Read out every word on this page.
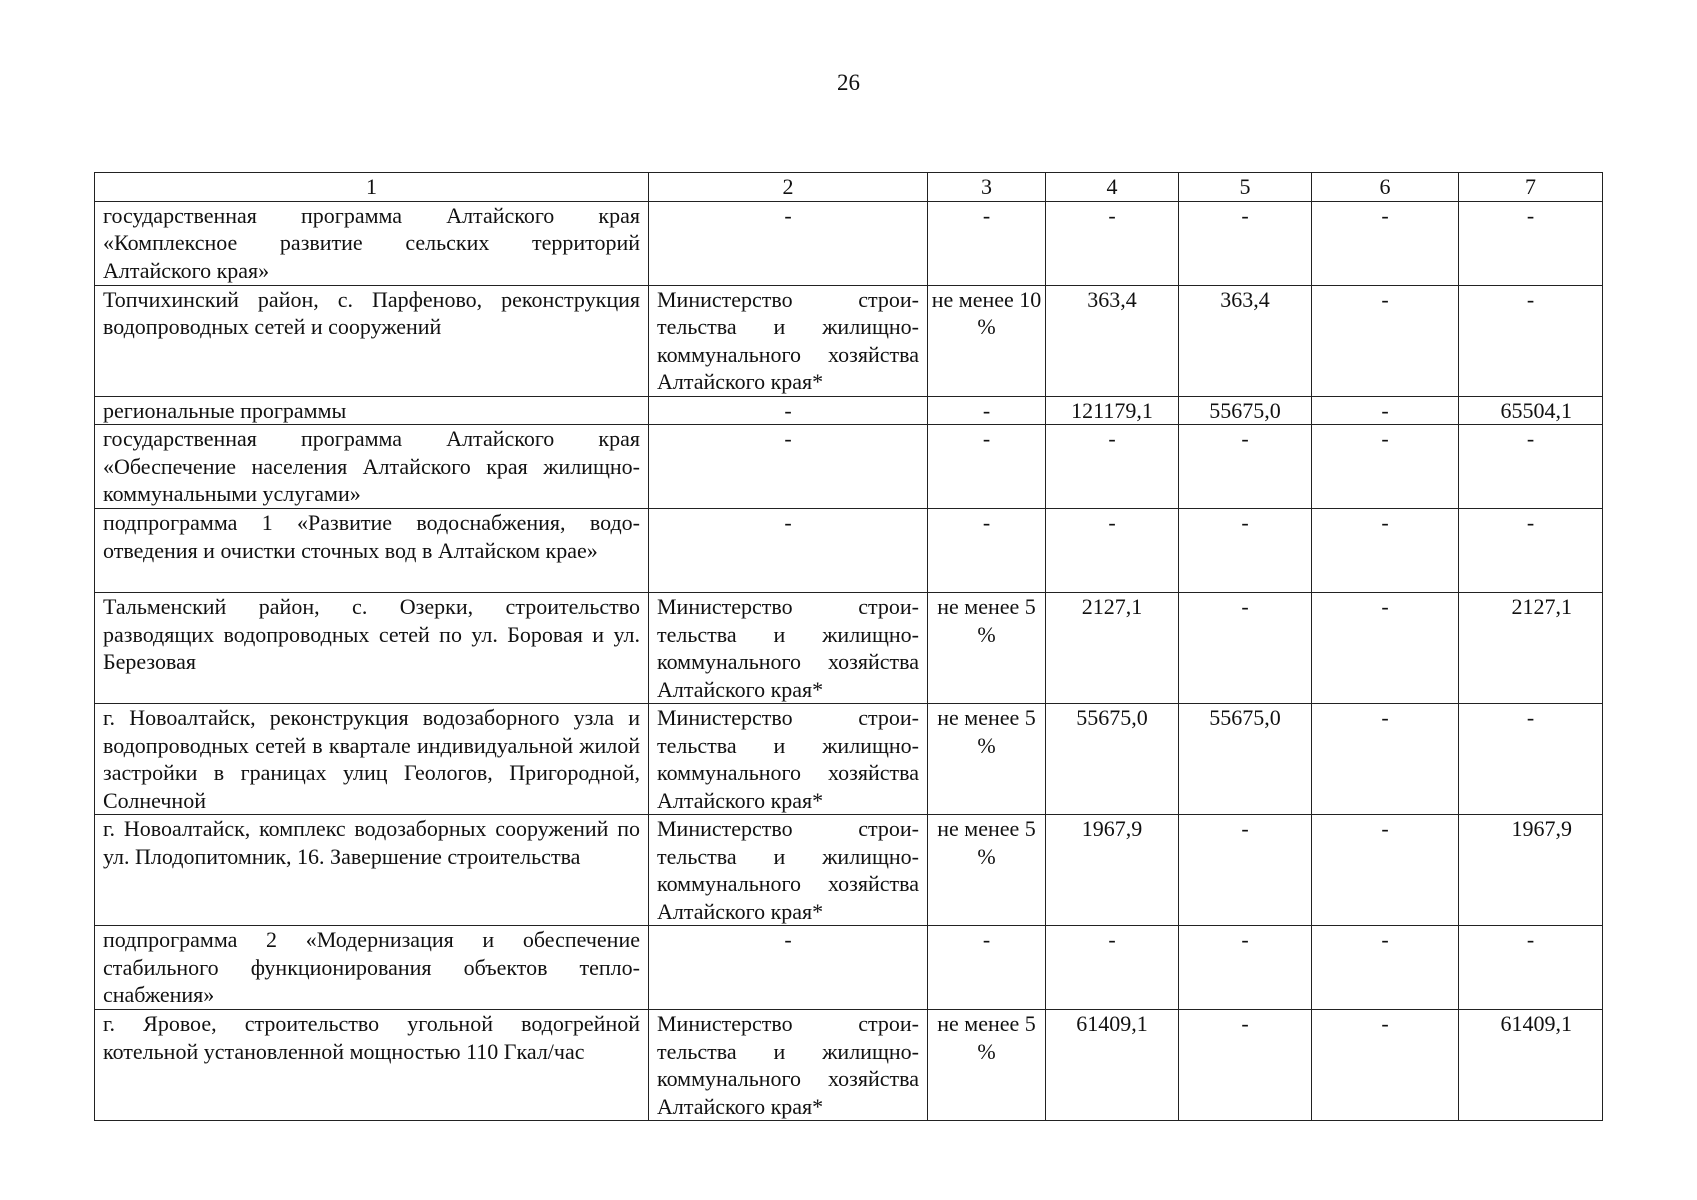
26
1	2	3	4	5	6	7
государственная программа Алтайского края «Комплексное развитие сельских территорий Алтайского края»	-	-	-	-	-	-
Топчихинский район, с. Парфеново, реконструкция водопроводных сетей и сооружений	Министерство строительства и жилищно-коммунального хозяйства Алтайского края*	не менее 10 %	363,4	363,4	-	-
региональные программы	-	-	121179,1	55675,0	-	65504,1
государственная программа Алтайского края «Обеспечение населения Алтайского края жилищно-коммунальными услугами»	-	-	-	-	-	-
подпрограмма 1 «Развитие водоснабжения, водоотведения и очистки сточных вод в Алтайском крае»	-	-	-	-	-	-
Тальменский район, с. Озерки, строительство разводящих водопроводных сетей по ул. Боровая и ул. Березовая	Министерство строительства и жилищно-коммунального хозяйства Алтайского края*	не менее 5 %	2127,1	-	-	2127,1
г. Новоалтайск, реконструкция водозаборного узла и водопроводных сетей в квартале индивидуальной жилой застройки в границах улиц Геологов, Пригородной, Солнечной	Министерство строительства и жилищно-коммунального хозяйства Алтайского края*	не менее 5 %	55675,0	55675,0	-	-
г. Новоалтайск, комплекс водозаборных сооружений по ул. Плодопитомник, 16. Завершение строительства	Министерство строительства и жилищно-коммунального хозяйства Алтайского края*	не менее 5 %	1967,9	-	-	1967,9
подпрограмма 2 «Модернизация и обеспечение стабильного функционирования объектов теплоснабжения»	-	-	-	-	-	-
г. Яровое, строительство угольной водогрейной котельной установленной мощностью 110 Гкал/час	Министерство строительства и жилищно-коммунального хозяйства Алтайского края*	не менее 5 %	61409,1	-	-	61409,1
